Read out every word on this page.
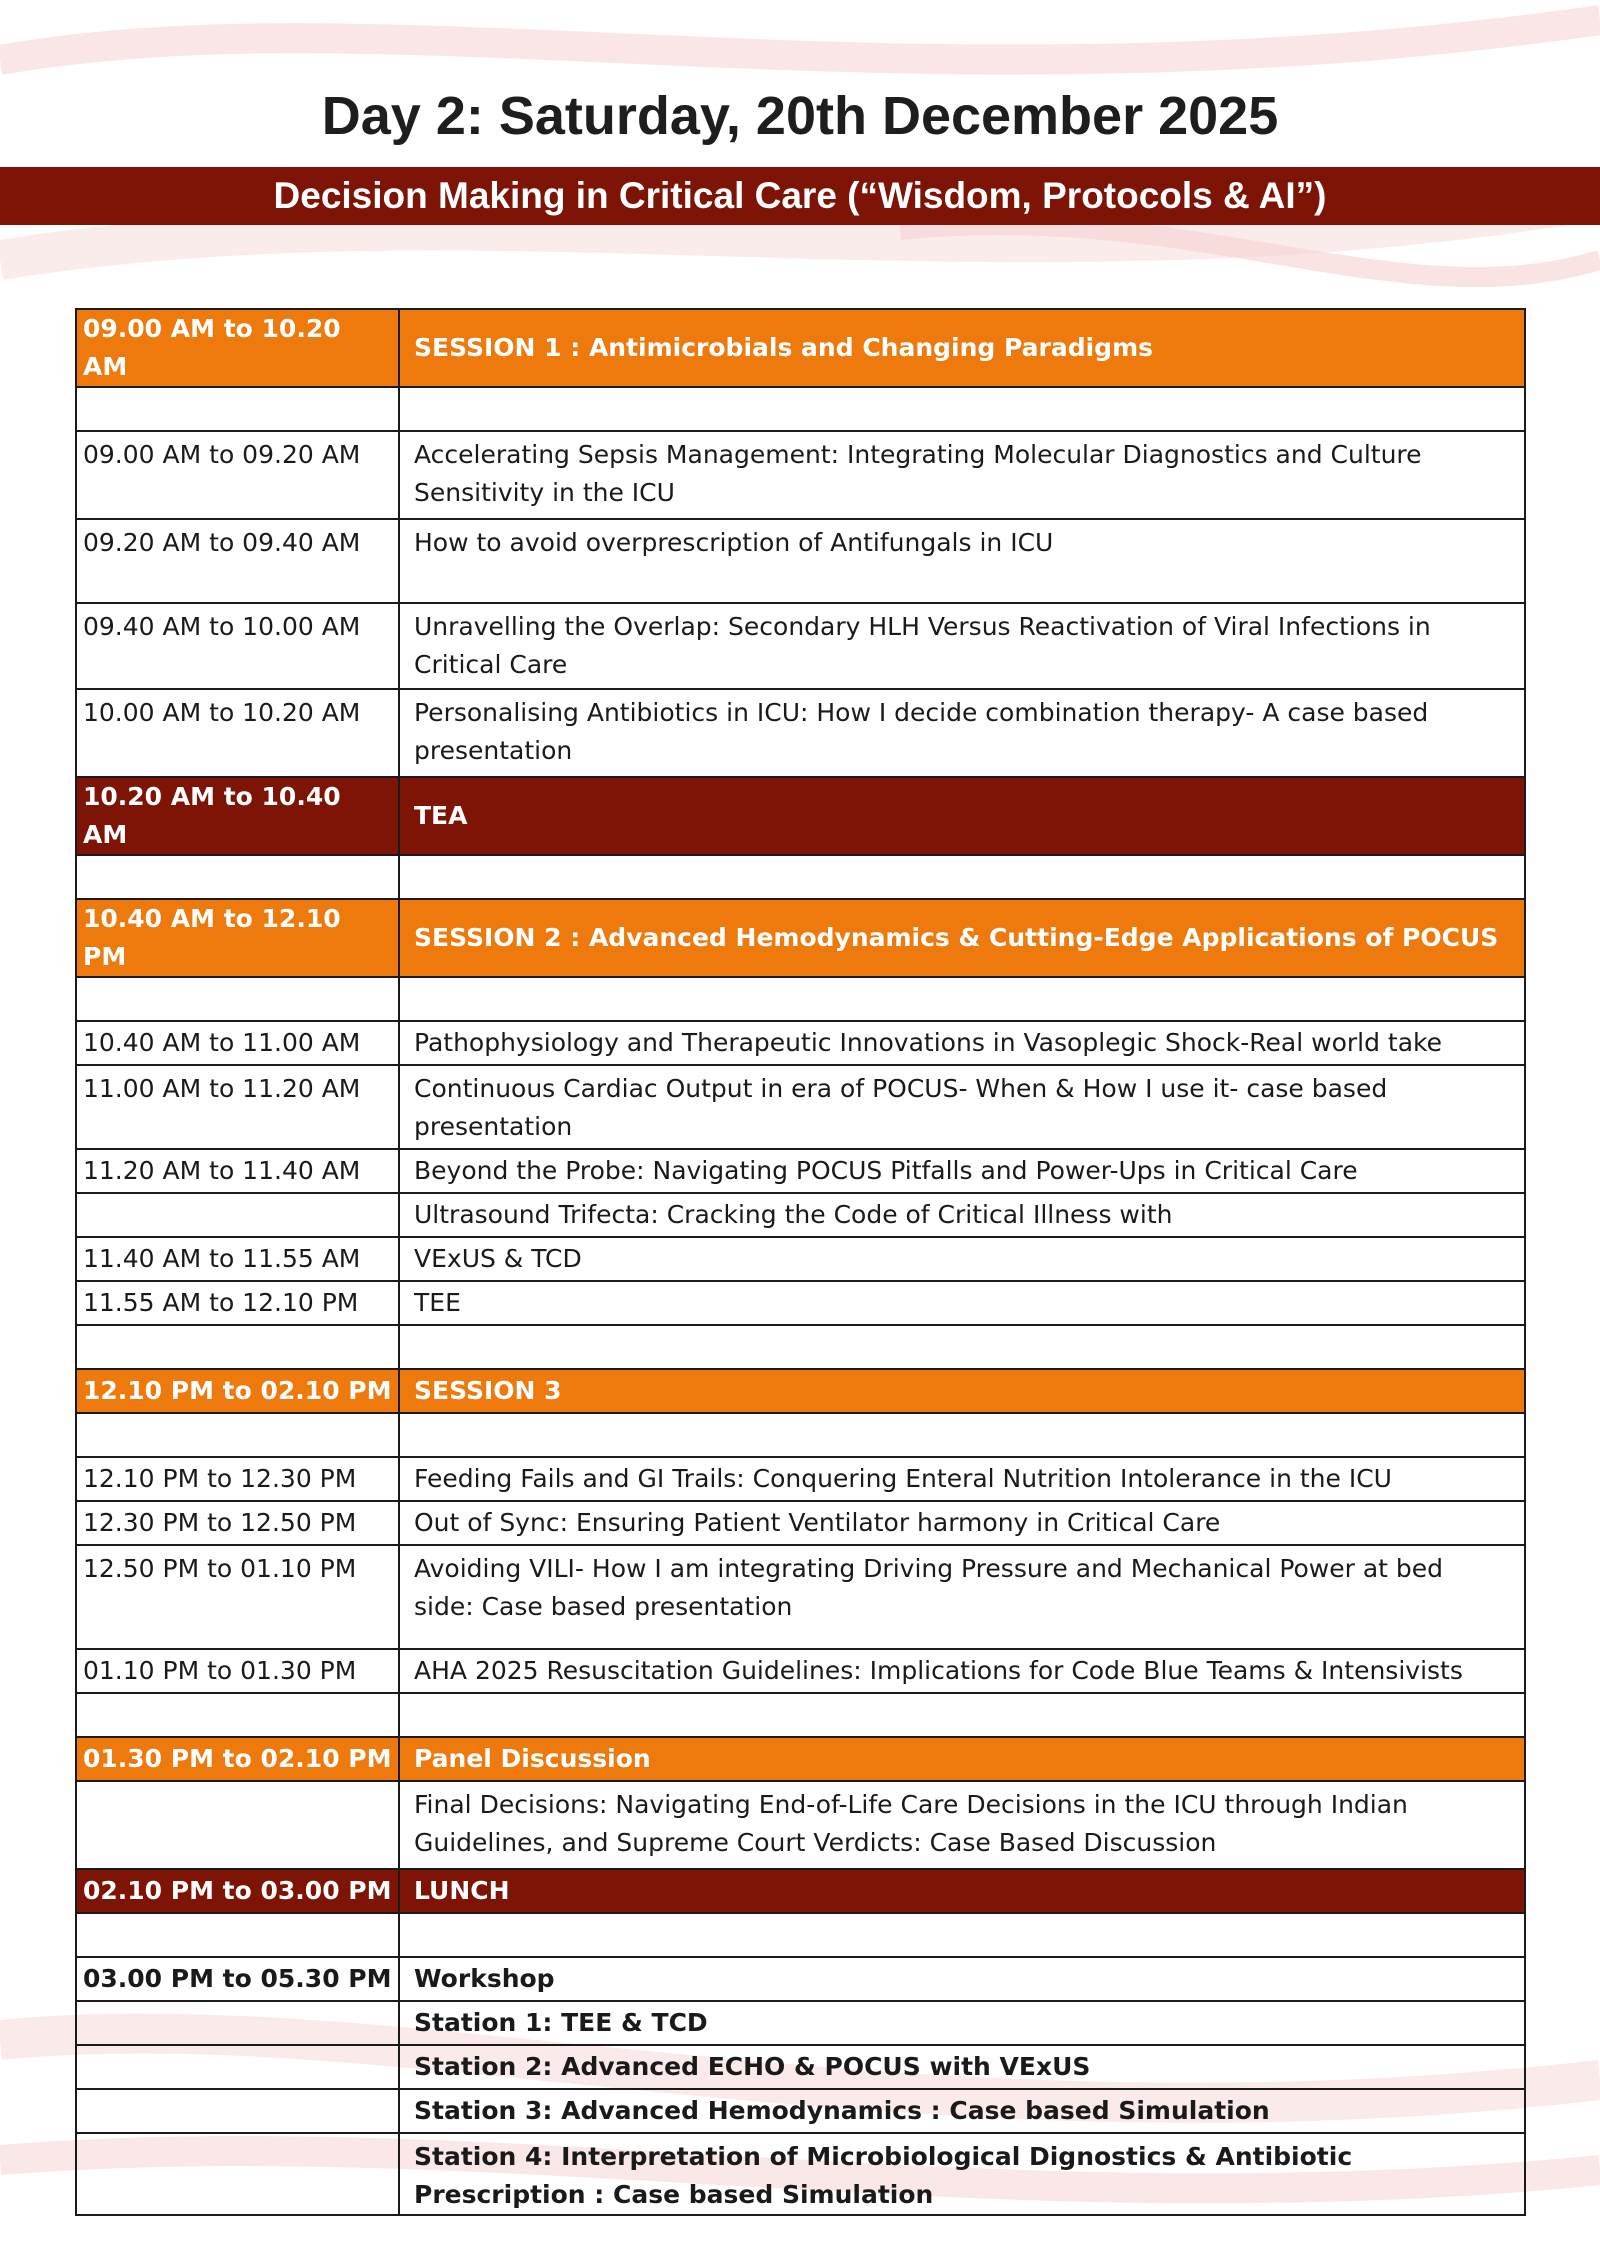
Day 2: Saturday, 20th December 2025
Decision Making in Critical Care (“Wisdom, Protocols & AI”)
09.00 AM to 10.20 AM	SESSION 1 : Antimicrobials and Changing Paradigms

09.00 AM to 09.20 AM	Accelerating Sepsis Management: Integrating Molecular Diagnostics and Culture Sensitivity in the ICU
09.20 AM to 09.40 AM	How to avoid overprescription of Antifungals in ICU
09.40 AM to 10.00 AM	Unravelling the Overlap: Secondary HLH Versus Reactivation of Viral Infections in Critical Care
10.00 AM to 10.20 AM	Personalising Antibiotics in ICU: How I decide combination therapy- A case based presentation
10.20 AM to 10.40 AM	TEA

10.40 AM to 12.10 PM	SESSION 2 : Advanced Hemodynamics & Cutting-Edge Applications of POCUS

10.40 AM to 11.00 AM	Pathophysiology and Therapeutic Innovations in Vasoplegic Shock-Real world take
11.00 AM to 11.20 AM	Continuous Cardiac Output in era of POCUS- When & How I use it- case based presentation
11.20 AM to 11.40 AM	Beyond the Probe: Navigating POCUS Pitfalls and Power-Ups in Critical Care
	Ultrasound Trifecta: Cracking the Code of Critical Illness with
11.40 AM to 11.55 AM	VExUS & TCD
11.55 AM to 12.10 PM	TEE

12.10 PM to 02.10 PM	SESSION 3

12.10 PM to 12.30 PM	Feeding Fails and GI Trails: Conquering Enteral Nutrition Intolerance in the ICU
12.30 PM to 12.50 PM	Out of Sync: Ensuring Patient Ventilator harmony in Critical Care
12.50 PM to 01.10 PM	Avoiding VILI- How I am integrating Driving Pressure and Mechanical Power at bed side: Case based presentation
01.10 PM to 01.30 PM	AHA 2025 Resuscitation Guidelines: Implications for Code Blue Teams & Intensivists

01.30 PM to 02.10 PM	Panel Discussion
	Final Decisions: Navigating End-of-Life Care Decisions in the ICU through Indian Guidelines, and Supreme Court Verdicts: Case Based Discussion
02.10 PM to 03.00 PM	LUNCH

03.00 PM to 05.30 PM	Workshop
	Station 1: TEE & TCD
	Station 2: Advanced ECHO & POCUS with VExUS
	Station 3: Advanced Hemodynamics : Case based Simulation
	Station 4: Interpretation of Microbiological Dignostics & Antibiotic Prescription : Case based Simulation
